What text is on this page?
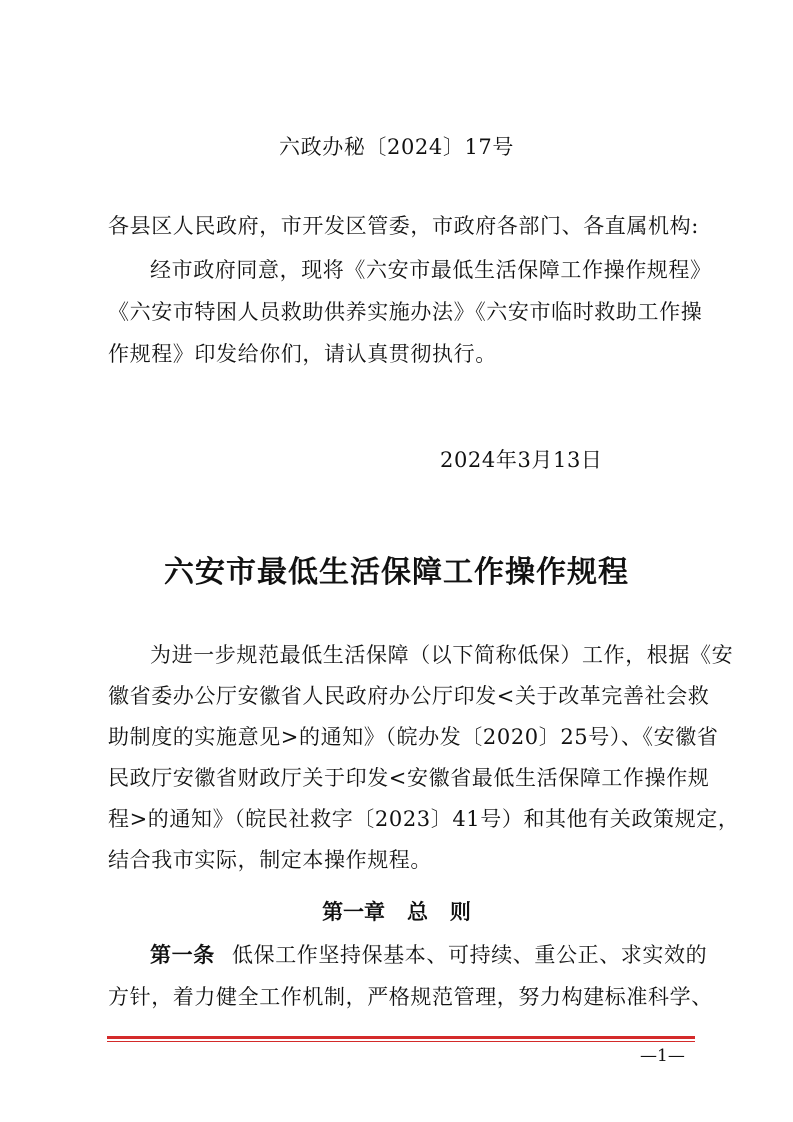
六政办秘〔2024〕17号
各县区人民政府，市开发区管委，市政府各部门、各直属机构:
经市政府同意，现将《六安市最低生活保障工作操作规程》
《六安市特困人员救助供养实施办法》《六安市临时救助工作操
作规程》印发给你们，请认真贯彻执行。
2024年3月13日
六安市最低生活保障工作操作规程
为进一步规范最低生活保障（以下简称低保）工作，根据《安
徽省委办公厅安徽省人民政府办公厅印发<关于改革完善社会救
助制度的实施意见>的通知》（皖办发〔2020〕25号）、《安徽省
民政厅安徽省财政厅关于印发<安徽省最低生活保障工作操作规
程>的通知》（皖民社救字〔2023〕41号）和其他有关政策规定，
结合我市实际，制定本操作规程。
第一章   总   则
第一条 低保工作坚持保基本、可持续、重公正、求实效的
方针，着力健全工作机制，严格规范管理，努力构建标准科学、
—1—
